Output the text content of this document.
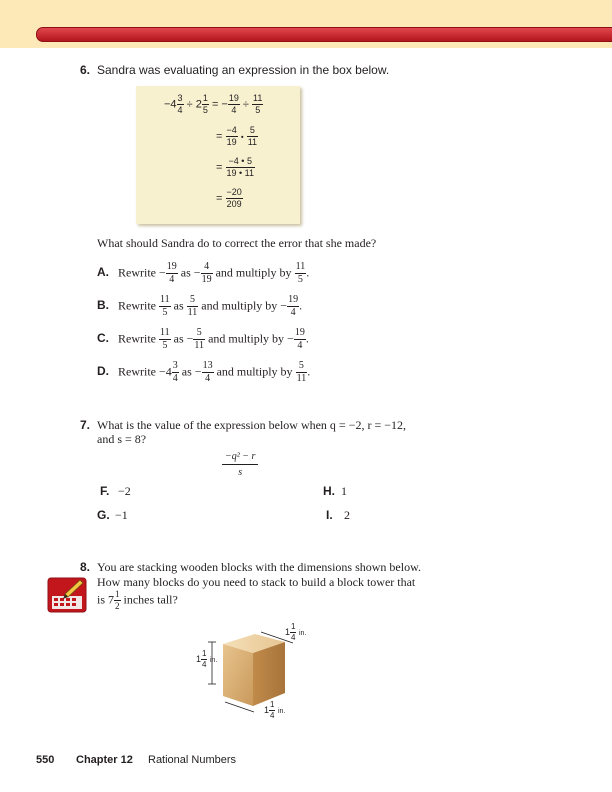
6. Sandra was evaluating an expression in the box below.
$-4 \frac{3}{4} \div 2 \frac{1}{5}$ = − $\frac{19}{4} \div \frac{11}{5}$
= $\frac{-4}{19}$ • $\frac{5}{11}$
= $\frac{-4 • 5}{19 • 11}$
= $\frac{-20}{209}$
What should Sandra do to correct the error that she made?
A. Rewrite − $\frac{19}{4}$ as − $\frac{4}{19}$ and multiply by $\frac{11}{5}$ .
B. Rewrite $\frac{11}{5}$ as $\frac{5}{11}$ and multiply by − $\frac{19}{4}$ .
C. Rewrite $\frac{11}{5}$ as − $\frac{5}{11}$ and multiply by − $\frac{19}{4}$ .
D. Rewrite $-4 \frac{3}{4}$ as − $\frac{13}{4}$ and multiply by $\frac{5}{11}$ .
7. What is the value of the expression below when q = −2, r = −12,
and s = 8?
$\frac{\text{−q² − r}}{s}$
F. −2	H. 1
G. −1	I. 2
8. You are stacking wooden blocks with the dimensions shown below.
How many blocks do you need to stack to build a block tower that
is $7 \frac{1}{2}$ inches tall?
$1 \frac{1}{4}$ in.
$1 \frac{1}{4}$ in.
$1 \frac{1}{4}$ in.
550 Chapter 12 Rational Numbers
